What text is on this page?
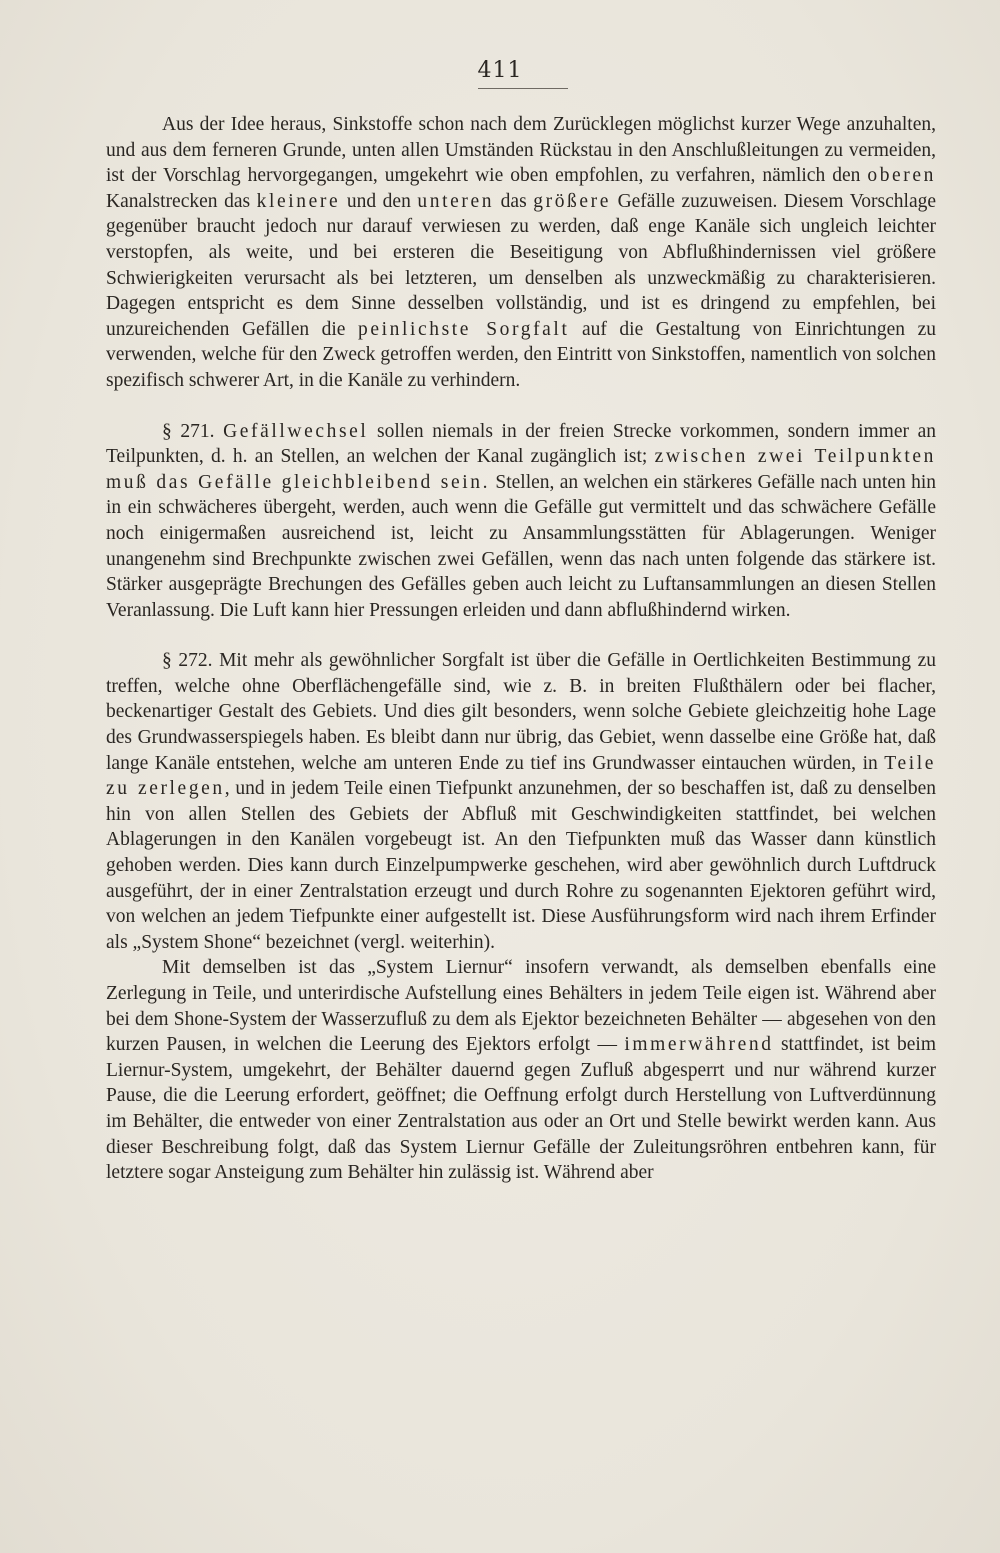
411

Aus der Idee heraus, Sinkstoffe schon nach dem Zurücklegen möglichst kurzer Wege anzuhalten, und aus dem ferneren Grunde, unten allen Umständen Rückstau in den Anschlußleitungen zu vermeiden, ist der Vorschlag hervorgegangen, umgekehrt wie oben empfohlen, zu verfahren, nämlich den oberen Kanalstrecken das kleinere und den unteren das größere Gefälle zuzuweisen. Diesem Vorschlage gegenüber braucht jedoch nur darauf verwiesen zu werden, daß enge Kanäle sich ungleich leichter verstopfen, als weite, und bei ersteren die Beseitigung von Abflußhindernissen viel größere Schwierigkeiten verursacht als bei letzteren, um denselben als unzweckmäßig zu charakterisieren. Dagegen entspricht es dem Sinne desselben vollständig, und ist es dringend zu empfehlen, bei unzureichenden Gefällen die peinlichste Sorgfalt auf die Gestaltung von Einrichtungen zu verwenden, welche für den Zweck getroffen werden, den Eintritt von Sinkstoffen, namentlich von solchen spezifisch schwerer Art, in die Kanäle zu verhindern.

§ 271. Gefällwechsel sollen niemals in der freien Strecke vorkommen, sondern immer an Teilpunkten, d. h. an Stellen, an welchen der Kanal zugänglich ist; zwischen zwei Teilpunkten muß das Gefälle gleichbleibend sein. Stellen, an welchen ein stärkeres Gefälle nach unten hin in ein schwächeres übergeht, werden, auch wenn die Gefälle gut vermittelt und das schwächere Gefälle noch einigermaßen ausreichend ist, leicht zu Ansammlungsstätten für Ablagerungen. Weniger unangenehm sind Brechpunkte zwischen zwei Gefällen, wenn das nach unten folgende das stärkere ist. Stärker ausgeprägte Brechungen des Gefälles geben auch leicht zu Luftansammlungen an diesen Stellen Veranlassung. Die Luft kann hier Pressungen erleiden und dann abflußhindernd wirken.

§ 272. Mit mehr als gewöhnlicher Sorgfalt ist über die Gefälle in Oertlichkeiten Bestimmung zu treffen, welche ohne Oberflächengefälle sind, wie z. B. in breiten Flußthälern oder bei flacher, beckenartiger Gestalt des Gebiets. Und dies gilt besonders, wenn solche Gebiete gleichzeitig hohe Lage des Grundwasserspiegels haben. Es bleibt dann nur übrig, das Gebiet, wenn dasselbe eine Größe hat, daß lange Kanäle entstehen, welche am unteren Ende zu tief ins Grundwasser eintauchen würden, in Teile zu zerlegen, und in jedem Teile einen Tiefpunkt anzunehmen, der so beschaffen ist, daß zu denselben hin von allen Stellen des Gebiets der Abfluß mit Geschwindigkeiten stattfindet, bei welchen Ablagerungen in den Kanälen vorgebeugt ist. An den Tiefpunkten muß das Wasser dann künstlich gehoben werden. Dies kann durch Einzelpumpwerke geschehen, wird aber gewöhnlich durch Luftdruck ausgeführt, der in einer Zentralstation erzeugt und durch Rohre zu sogenannten Ejektoren geführt wird, von welchen an jedem Tiefpunkte einer aufgestellt ist. Diese Ausführungsform wird nach ihrem Erfinder als „System Shone“ bezeichnet (vergl. weiterhin).

Mit demselben ist das „System Liernur“ insofern verwandt, als demselben ebenfalls eine Zerlegung in Teile, und unterirdische Aufstellung eines Behälters in jedem Teile eigen ist. Während aber bei dem Shone-System der Wasserzufluß zu dem als Ejektor bezeichneten Behälter — abgesehen von den kurzen Pausen, in welchen die Leerung des Ejektors erfolgt — immerwährend stattfindet, ist beim Liernur-System, umgekehrt, der Behälter dauernd gegen Zufluß abgesperrt und nur während kurzer Pause, die die Leerung erfordert, geöffnet; die Oeffnung erfolgt durch Herstellung von Luftverdünnung im Behälter, die entweder von einer Zentralstation aus oder an Ort und Stelle bewirkt werden kann. Aus dieser Beschreibung folgt, daß das System Liernur Gefälle der Zuleitungsröhren entbehren kann, für letztere sogar Ansteigung zum Behälter hin zulässig ist. Während aber
